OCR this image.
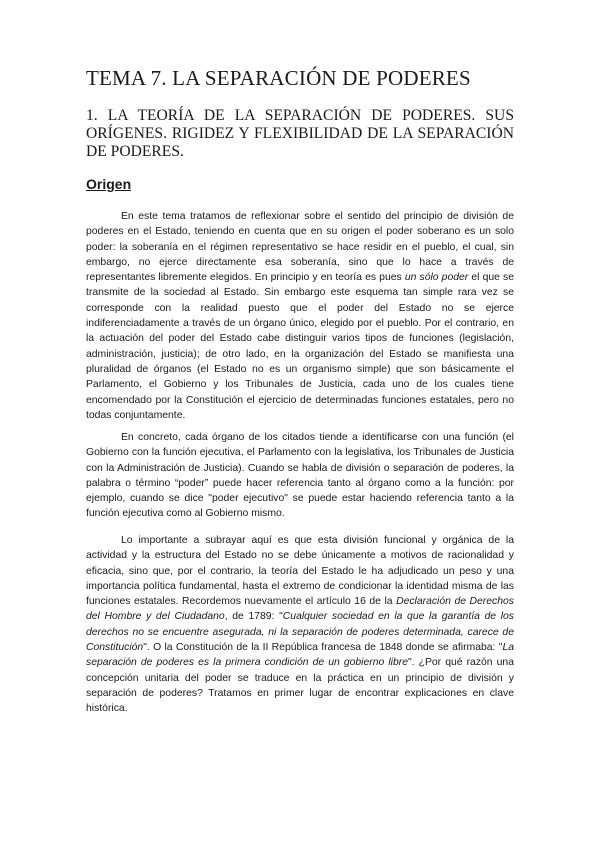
TEMA 7. LA SEPARACIÓN DE PODERES
1. LA TEORÍA DE LA SEPARACIÓN DE PODERES. SUS ORÍGENES. RIGIDEZ Y FLEXIBILIDAD DE LA SEPARACIÓN DE PODERES.
Origen

En este tema tratamos de reflexionar sobre el sentido del principio de división de poderes en el Estado, teniendo en cuenta que en su origen el poder soberano es un solo poder: la soberanía en el régimen representativo se hace residir en el pueblo, el cual, sin embargo, no ejerce directamente esa soberanía, sino que lo hace a través de representantes libremente elegidos. En principio y en teoría es pues un sólo poder el que se transmite de la sociedad al Estado. Sin embargo este esquema tan simple rara vez se corresponde con la realidad puesto que el poder del Estado no se ejerce indiferenciadamente a través de un órgano único, elegido por el pueblo. Por el contrario, en la actuación del poder del Estado cabe distinguir varios tipos de funciones (legislación, administración, justicia); de otro lado, en la organización del Estado se manifiesta una pluralidad de órganos (el Estado no es un organismo simple) que son básicamente el Parlamento, el Gobierno y los Tribunales de Justicia, cada uno de los cuales tiene encomendado por la Constitución el ejercicio de determinadas funciones estatales, pero no todas conjuntamente.

En concreto, cada órgano de los citados tiende a identificarse con una función (el Gobierno con la función ejecutiva, el Parlamento con la legislativa, los Tribunales de Justicia con la Administración de Justicia). Cuando se habla de división o separación de poderes, la palabra o término “poder” puede hacer referencia tanto al órgano como a la función: por ejemplo, cuando se dice "poder ejecutivo" se puede estar haciendo referencia tanto a la función ejecutiva como al Gobierno mismo.

Lo importante a subrayar aquí es que esta división funcional y orgánica de la actividad y la estructura del Estado no se debe únicamente a motivos de racionalidad y eficacia, sino que, por el contrario, la teoría del Estado le ha adjudicado un peso y una importancia política fundamental, hasta el extremo de condicionar la identidad misma de las funciones estatales. Recordemos nuevamente el artículo 16 de la Declaración de Derechos del Hombre y del Ciudadano, de 1789: "Cualquier sociedad en la que la garantía de los derechos no se encuentre asegurada, ni la separación de poderes determinada, carece de Constitución". O la Constitución de la II República francesa de 1848 donde se afirmaba: "La separación de poderes es la primera condición de un gobierno libre". ¿Por qué razón una concepción unitaria del poder se traduce en la práctica en un principio de división y separación de poderes? Tratamos en primer lugar de encontrar explicaciones en clave histórica.
